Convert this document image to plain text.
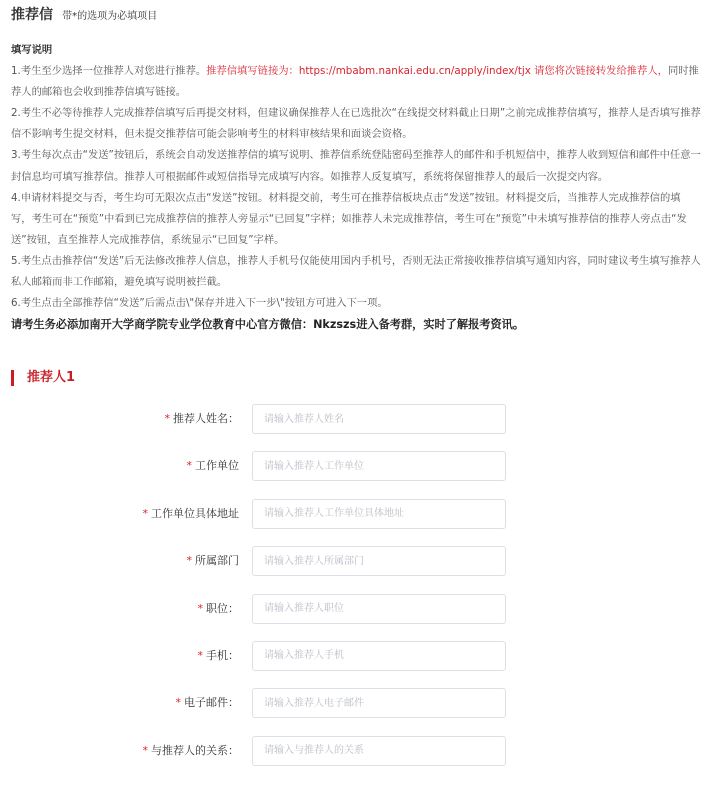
推荐信 带*的选项为必填项目

填写说明

1.考生至少选择一位推荐人对您进行推荐。推荐信填写链接为：https://mbabm.nankai.edu.cn/apply/index/tjx 请您将次链接转发给推荐人，同时推荐人的邮箱也会收到推荐信填写链接。

2.考生不必等待推荐人完成推荐信填写后再提交材料，但建议确保推荐人在已选批次“在线提交材料截止日期”之前完成推荐信填写，推荐人是否填写推荐信不影响考生提交材料，但未提交推荐信可能会影响考生的材料审核结果和面谈会资格。

3.考生每次点击“发送”按钮后，系统会自动发送推荐信的填写说明、推荐信系统登陆密码至推荐人的邮件和手机短信中，推荐人收到短信和邮件中任意一封信息均可填写推荐信。推荐人可根据邮件或短信指导完成填写内容。如推荐人反复填写，系统将保留推荐人的最后一次提交内容。

4.申请材料提交与否，考生均可无限次点击“发送”按钮。材料提交前，考生可在推荐信板块点击“发送”按钮。材料提交后，当推荐人完成推荐信的填写，考生可在“预览”中看到已完成推荐信的推荐人旁显示“已回复”字样；如推荐人未完成推荐信，考生可在“预览”中未填写推荐信的推荐人旁点击“发送”按钮，直至推荐人完成推荐信，系统显示“已回复”字样。

5.考生点击推荐信“发送”后无法修改推荐人信息，推荐人手机号仅能使用国内手机号，否则无法正常接收推荐信填写通知内容，同时建议考生填写推荐人私人邮箱而非工作邮箱，避免填写说明被拦截。

6.考生点击全部推荐信“发送”后需点击\"保存并进入下一步\"按钮方可进入下一项。

请考生务必添加南开大学商学院专业学位教育中心官方微信：Nkzszs进入备考群，实时了解报考资讯。

推荐人1
* 推荐人姓名：
请输入推荐人姓名
* 工作单位
请输入推荐人工作单位
* 工作单位具体地址
请输入推荐人工作单位具体地址
* 所属部门
请输入推荐人所属部门
* 职位：
请输入推荐人职位
* 手机：
请输入推荐人手机
* 电子邮件：
请输入推荐人电子邮件
* 与推荐人的关系：
请输入与推荐人的关系
